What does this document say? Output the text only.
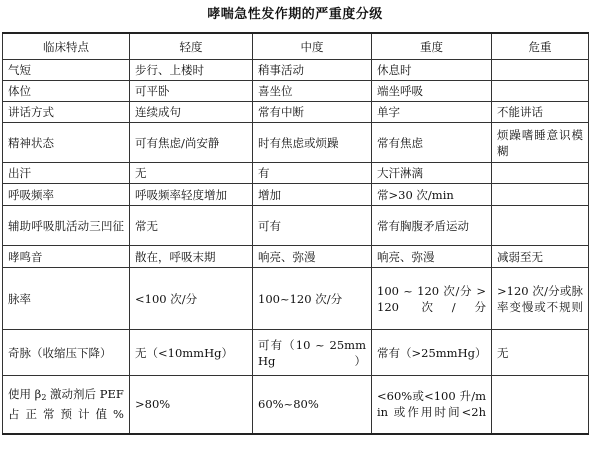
哮喘急性发作期的严重度分级
临床特点	轻度	中度	重度	危重
气短	步行、上楼时	稍事活动	休息时	
体位	可平卧	喜坐位	端坐呼吸	
讲话方式	连续成句	常有中断	单字	不能讲话
精神状态	可有焦虑/尚安静	时有焦虑或烦躁	常有焦虑	烦躁嗜睡意识模糊
出汗	无	有	大汗淋漓	
呼吸频率	呼吸频率轻度增加	增加	常>30 次/min	
辅助呼吸肌活动三凹征	常无	可有	常有胸腹矛盾运动	
哮鸣音	散在，呼吸末期	响亮、弥漫	响亮、弥漫	减弱至无
脉率	<100 次/分	100~120 次/分	100 ~ 120 次/分 > 120 次/分	>120 次/分或脉率变慢或不规则
奇脉（收缩压下降）	无（<10mmHg）	可有（10 ~ 25mmHg）	常有（>25mmHg）	无
使用 $\beta_2$ 激动剂后 PEF 占正常预计值%	>80%	60%~80%	<60%或<100 升/min 或作用时间<2h	
